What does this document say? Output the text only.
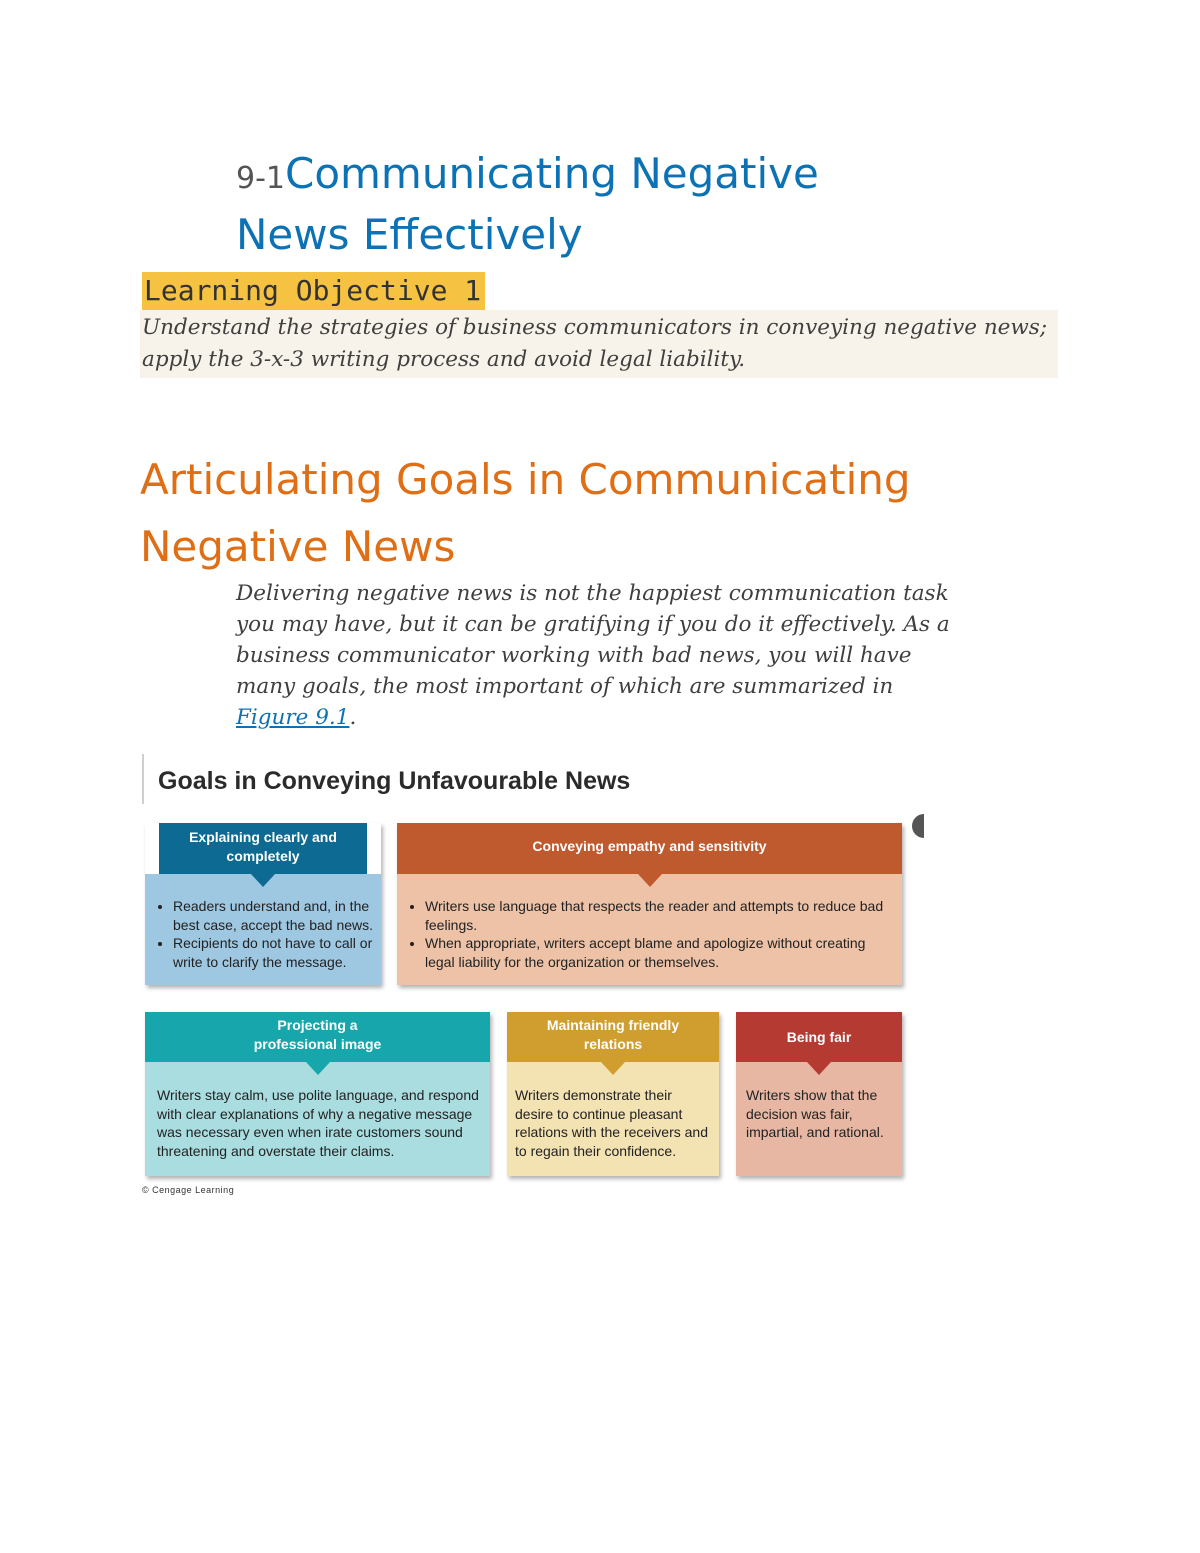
9-1Communicating Negative News Effectively
Learning Objective 1
Understand the strategies of business communicators in conveying negative news; apply the 3-x-3 writing process and avoid legal liability.
Articulating Goals in Communicating Negative News

Delivering negative news is not the happiest communication task you may have, but it can be gratifying if you do it effectively. As a business communicator working with bad news, you will have many goals, the most important of which are summarized in Figure 9.1.

Goals in Conveying Unfavourable News
Explaining clearly and completely
• Readers understand and, in the best case, accept the bad news.
• Recipients do not have to call or write to clarify the message.
Conveying empathy and sensitivity
• Writers use language that respects the reader and attempts to reduce bad feelings.
• When appropriate, writers accept blame and apologize without creating legal liability for the organization or themselves.
Projecting a professional image
Writers stay calm, use polite language, and respond with clear explanations of why a negative message was necessary even when irate customers sound threatening and overstate their claims.
Maintaining friendly relations
Writers demonstrate their desire to continue pleasant relations with the receivers and to regain their confidence.
Being fair
Writers show that the decision was fair, impartial, and rational.
© Cengage Learning
